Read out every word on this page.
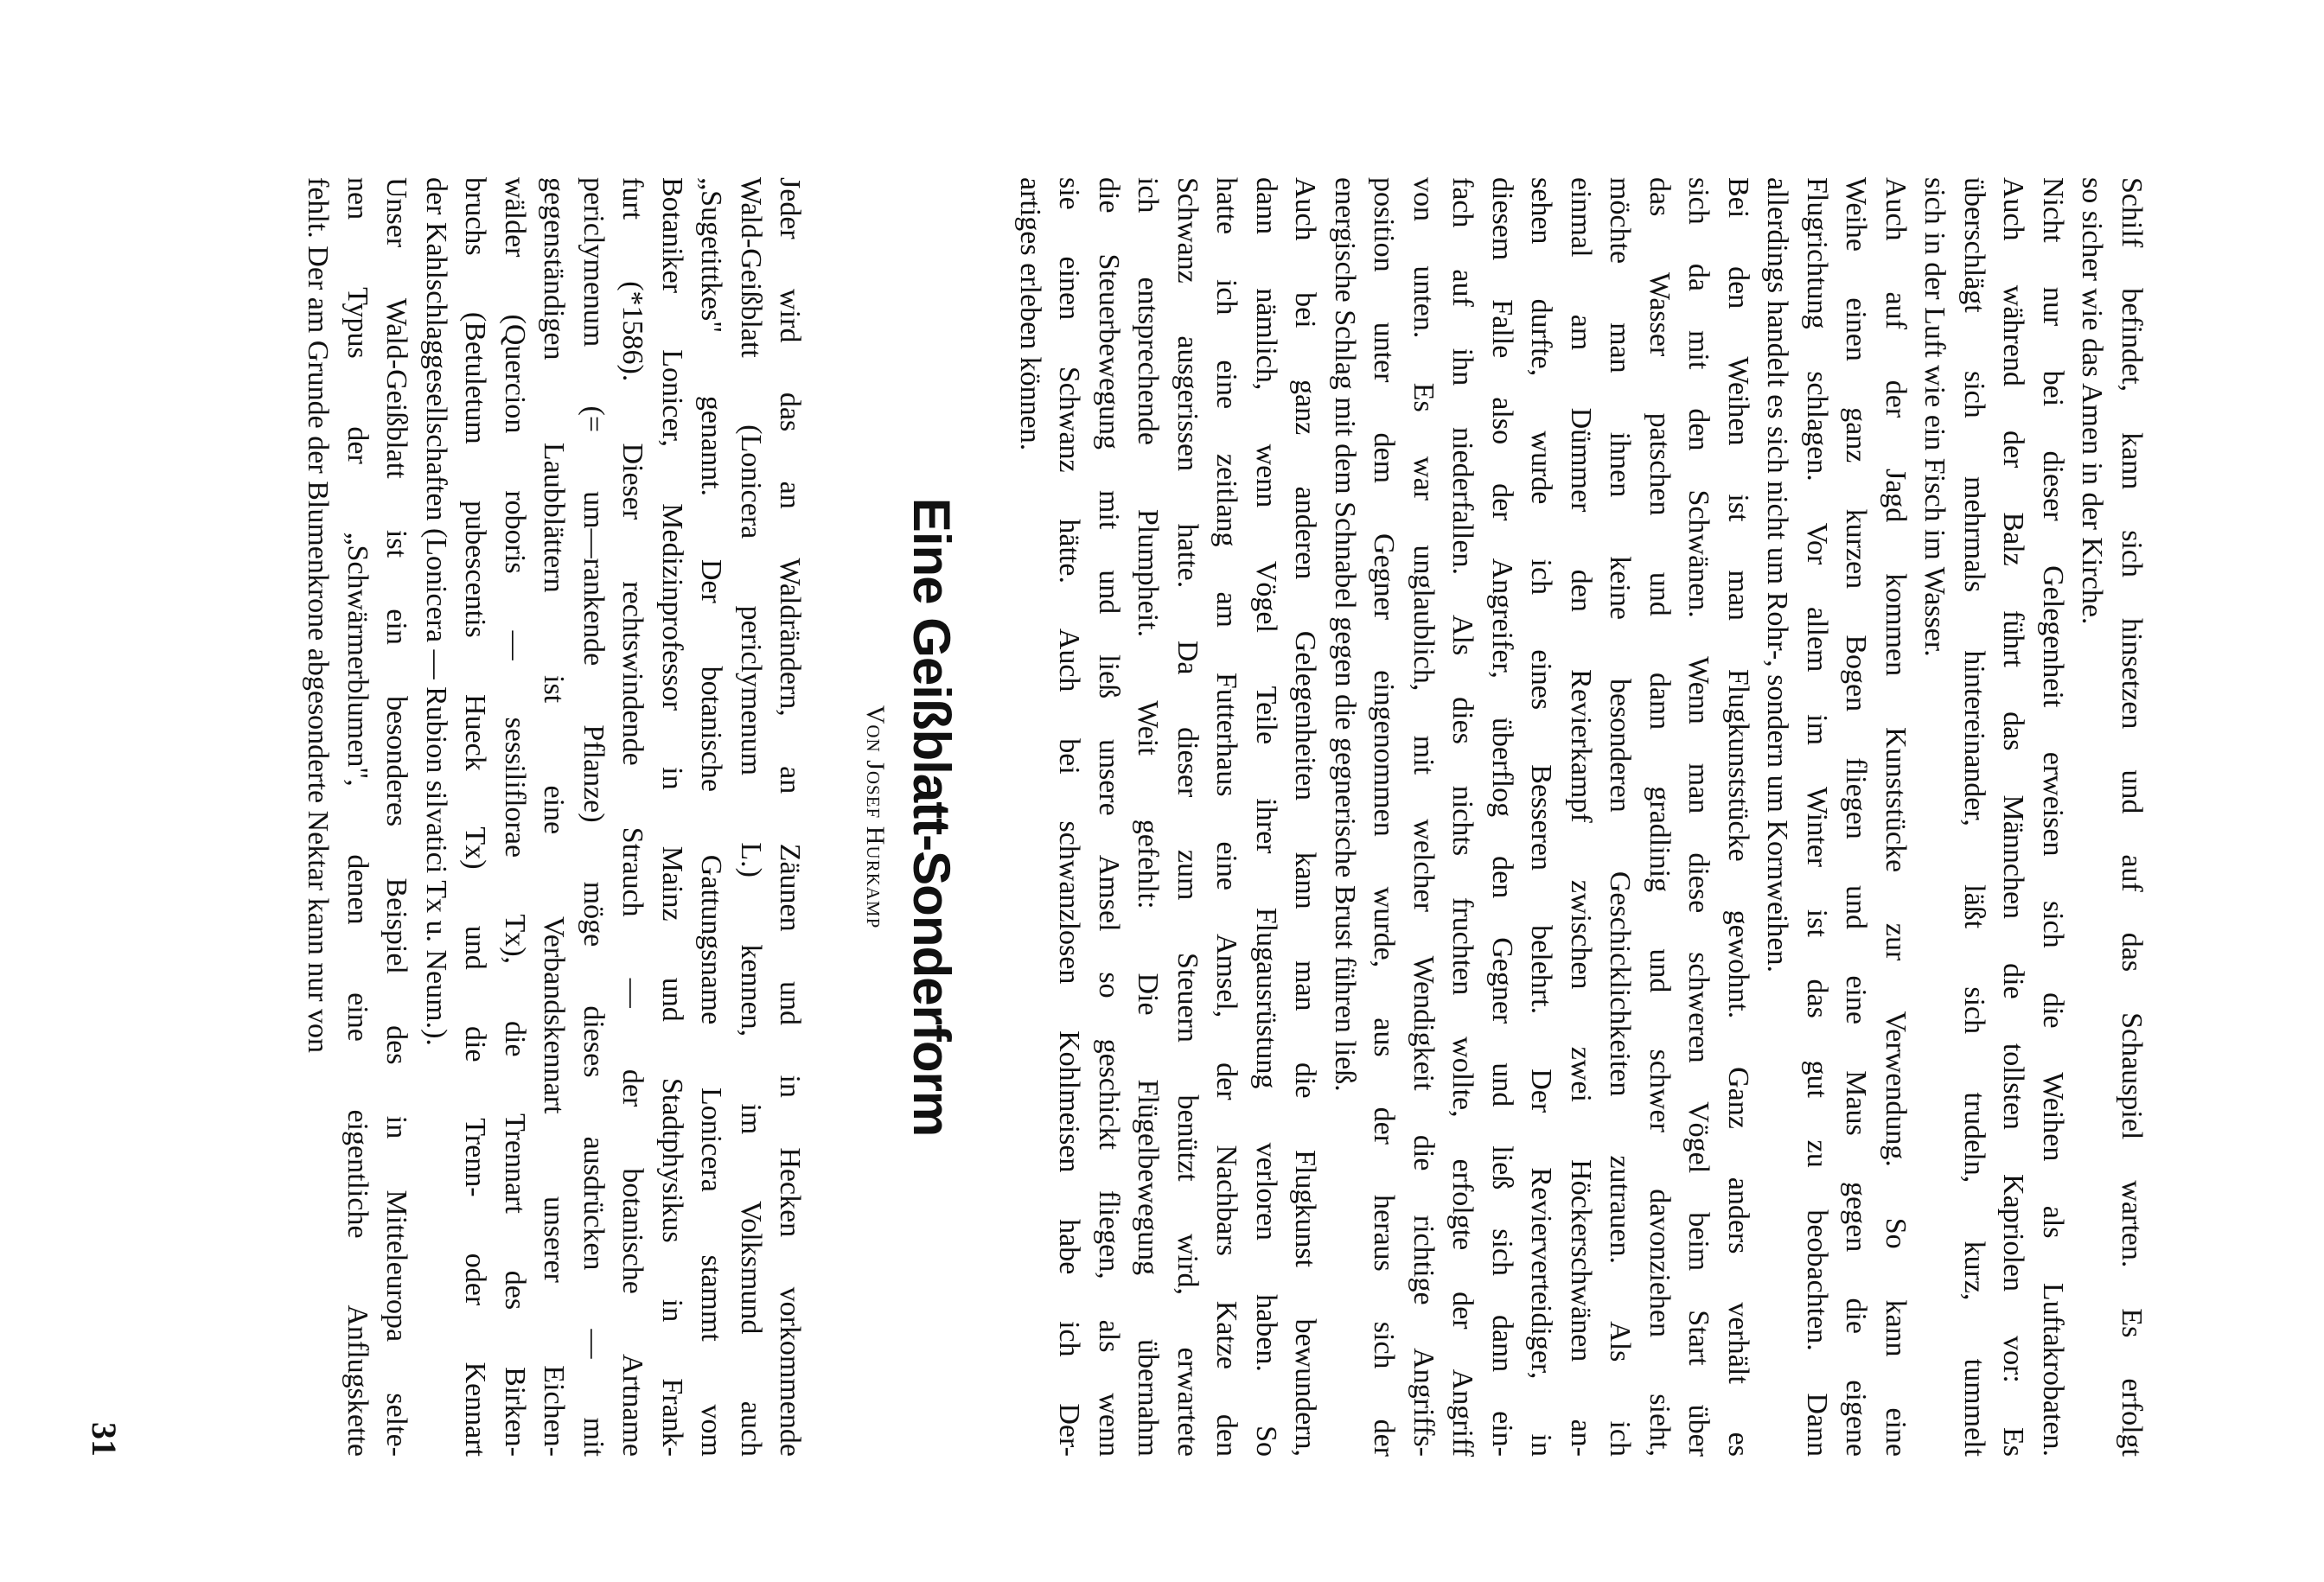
Schilf befindet, kann sich hinsetzen und auf das Schauspiel warten. Es erfolgt
so sicher wie das Amen in der Kirche.
Nicht nur bei dieser Gelegenheit erweisen sich die Weihen als Luftakrobaten.
Auch während der Balz führt das Männchen die tollsten Kapriolen vor: Es
überschlägt sich mehrmals hintereinander, läßt sich trudeln, kurz, tummelt
sich in der Luft wie ein Fisch im Wasser.
Auch auf der Jagd kommen Kunststücke zur Verwendung. So kann eine
Weihe einen ganz kurzen Bogen fliegen und eine Maus gegen die eigene
Flugrichtung schlagen. Vor allem im Winter ist das gut zu beobachten. Dann
allerdings handelt es sich nicht um Rohr-, sondern um Kornweihen.
Bei den Weihen ist man Flugkunststücke gewohnt. Ganz anders verhält es
sich da mit den Schwänen. Wenn man diese schweren Vögel beim Start über
das Wasser patschen und dann gradlinig und schwer davonziehen sieht,
möchte man ihnen keine besonderen Geschicklichkeiten zutrauen. Als ich
einmal am Dümmer den Revierkampf zwischen zwei Höckerschwänen an-
sehen durfte, wurde ich eines Besseren belehrt. Der Revierverteidiger, in
diesem Falle also der Angreifer, überflog den Gegner und ließ sich dann ein-
fach auf ihn niederfallen. Als dies nichts fruchten wollte, erfolgte der Angriff
von unten. Es war unglaublich, mit welcher Wendigkeit die richtige Angriffs-
position unter dem Gegner eingenommen wurde, aus der heraus sich der
energische Schlag mit dem Schnabel gegen die gegnerische Brust führen ließ.
Auch bei ganz anderen Gelegenheiten kann man die Flugkunst bewundern,
dann nämlich, wenn Vögel Teile ihrer Flugausrüstung verloren haben. So
hatte ich eine zeitlang am Futterhaus eine Amsel, der Nachbars Katze den
Schwanz ausgerissen hatte. Da dieser zum Steuern benützt wird, erwartete
ich entsprechende Plumpheit. Weit gefehlt: Die Flügelbewegung übernahm
die Steuerbewegung mit und ließ unsere Amsel so geschickt fliegen, als wenn
sie einen Schwanz hätte. Auch bei schwanzlosen Kohlmeisen habe ich Der-
artiges erleben können.
Eine Geißblatt-Sonderform
Von Josef Hurkamp
Jeder wird das an Waldrändern, an Zäunen und in Hecken vorkommende
Wald-Geißblatt (Lonicera periclymenum L.) kennen, im Volksmund auch
„Sugetittkes" genannt. Der botanische Gattungsname Lonicera stammt vom
Botaniker Lonicer, Medizinprofessor in Mainz und Stadtphysikus in Frank-
furt (*1586). Dieser rechtswindende Strauch — der botanische Artname
periclymenum (= um—rankende Pflanze) möge dieses ausdrücken — mit
gegenständigen Laubblättern ist eine Verbandskennart unserer Eichen-
wälder (Quercion roboris — sessiliflorae Tx), die Trennart des Birken-
bruchs (Betuletum pubescentis Hueck Tx) und die Trenn- oder Kennart
der Kahlschlaggesellschaften (Lonicera — Rubion silvatici Tx u. Neum.).
Unser Wald-Geißblatt ist ein besonderes Beispiel des in Mitteleuropa selte-
nen Typus der „Schwärmerblumen", denen eine eigentliche Anflugskette
fehlt. Der am Grunde der Blumenkrone abgesonderte Nektar kann nur von
31
